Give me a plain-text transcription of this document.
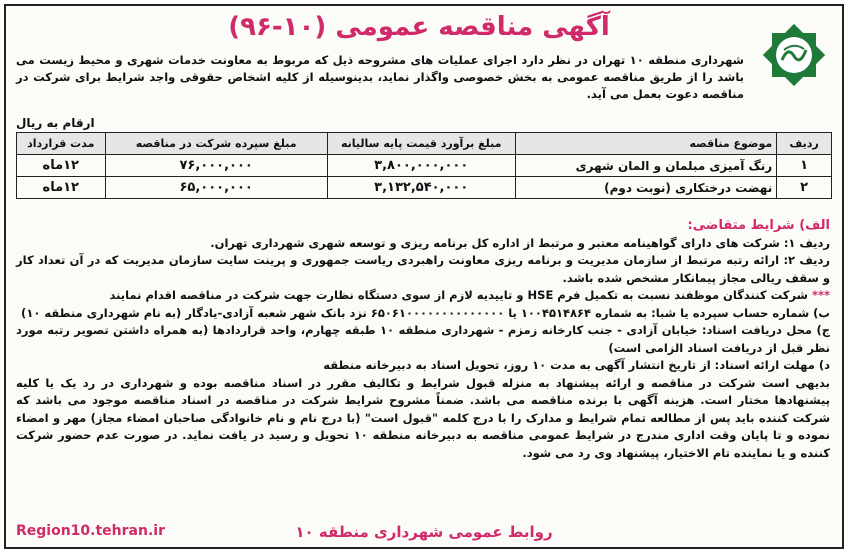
آگهی مناقصه عمومی (۱۰-۹۶)
شهرداری منطقه ۱۰ تهران در نظر دارد اجرای عملیات های مشروحه ذیل که مربوط به معاونت خدمات شهری و محیط زیست می باشد را از طریق مناقصه عمومی به بخش خصوصی واگذار نماید، بدینوسیله از کلیه اشخاص حقوقی واجد شرایط برای شرکت در مناقصه دعوت بعمل می آید.
ارقام به ریال
ردیف	موضوع مناقصه	مبلغ برآورد قیمت پایه سالیانه	مبلغ سپرده شرکت در مناقصه	مدت قرارداد
۱	رنگ آمیزی مبلمان و المان شهری	۳,۸۰۰,۰۰۰,۰۰۰	۷۶,۰۰۰,۰۰۰	۱۲ماه
۲	نهضت درختکاری (نوبت دوم)	۳,۱۳۲,۵۴۰,۰۰۰	۶۵,۰۰۰,۰۰۰	۱۲ماه

الف) شرایط متقاضی:

ردیف ۱: شرکت های دارای گواهینامه معتبر و مرتبط از اداره کل برنامه ریزی و توسعه شهری شهرداری تهران.

ردیف ۲: ارائه رتبه مرتبط از سازمان مدیریت و برنامه ریزی معاونت راهبردی ریاست جمهوری و پرینت سایت سازمان مدیریت که در آن تعداد کار و سقف ریالی مجاز پیمانکار مشخص شده باشد.

*** شرکت کنندگان موظفند نسبت به تکمیل فرم HSE و تاییدیه لازم از سوی دستگاه نظارت جهت شرکت در مناقصه اقدام نمایند

ب) شماره حساب سپرده یا شبا: به شماره ۱۰۰۴۵۱۴۸۶۴ یا ۶۵۰۶۱۰۰۰۰۰۰۰۰۰۰۰۰۰۰ نزد بانک شهر شعبه آزادی-یادگار (به نام شهرداری منطقه ۱۰)

ج) محل دریافت اسناد: خیابان آزادی - جنب کارخانه زمزم - شهرداری منطقه ۱۰ طبقه چهارم، واحد قراردادها (به همراه داشتن تصویر رتبه مورد نظر قبل از دریافت اسناد الزامی است)

د) مهلت ارائه اسناد: از تاریخ انتشار آگهی به مدت ۱۰ روز، تحویل اسناد به دبیرخانه منطقه

بدیهی است شرکت در مناقصه و ارائه پیشنهاد به منزله قبول شرایط و تکالیف مقرر در اسناد مناقصه بوده و شهرداری در رد یک یا کلیه پیشنهادها مختار است. هزینه آگهی با برنده مناقصه می باشد. ضمناً مشروح شرایط شرکت در مناقصه در اسناد مناقصه موجود می باشد که شرکت کننده باید پس از مطالعه تمام شرایط و مدارک را با درج کلمه "قبول است" (با درج نام و نام خانوادگی صاحبان امضاء مجاز) مهر و امضاء نموده و تا پایان وقت اداری مندرج در شرایط عمومی مناقصه به دبیرخانه منطقه ۱۰ تحویل و رسید در یافت نماید. در صورت عدم حضور شرکت کننده و یا نماینده تام الاختیار، پیشنهاد وی رد می شود.

Region10.tehran.ir	روابط عمومی شهرداری منطقه ۱۰
